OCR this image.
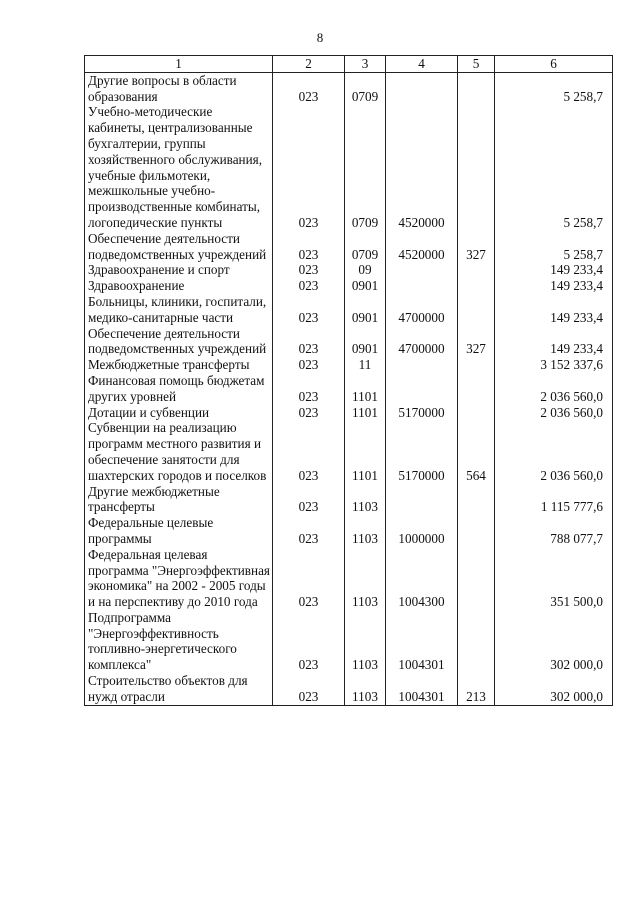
8
1	2	3	4	5	6
Другие вопросы в области образования	023	0709			5 258,7
Учебно-методические кабинеты, централизованные бухгалтерии, группы хозяйственного обслуживания, учебные фильмотеки, межшкольные учебно-производственные комбинаты, логопедические пункты	023	0709	4520000		5 258,7
Обеспечение деятельности подведомственных учреждений	023	0709	4520000	327	5 258,7
Здравоохранение и спорт	023	09			149 233,4
Здравоохранение	023	0901			149 233,4
Больницы, клиники, госпитали, медико-санитарные части	023	0901	4700000		149 233,4
Обеспечение деятельности подведомственных учреждений	023	0901	4700000	327	149 233,4
Межбюджетные трансферты	023	11			3 152 337,6
Финансовая помощь бюджетам других уровней	023	1101			2 036 560,0
Дотации и субвенции	023	1101	5170000		2 036 560,0
Субвенции на реализацию программ местного развития и обеспечение занятости для шахтерских городов и поселков	023	1101	5170000	564	2 036 560,0
Другие межбюджетные трансферты	023	1103			1 115 777,6
Федеральные целевые программы	023	1103	1000000		788 077,7
Федеральная целевая программа "Энергоэффективная экономика" на 2002 - 2005 годы и на перспективу до 2010 года	023	1103	1004300		351 500,0
Подпрограмма "Энергоэффективность топливно-энергетического комплекса"	023	1103	1004301		302 000,0
Строительство объектов для нужд отрасли	023	1103	1004301	213	302 000,0
